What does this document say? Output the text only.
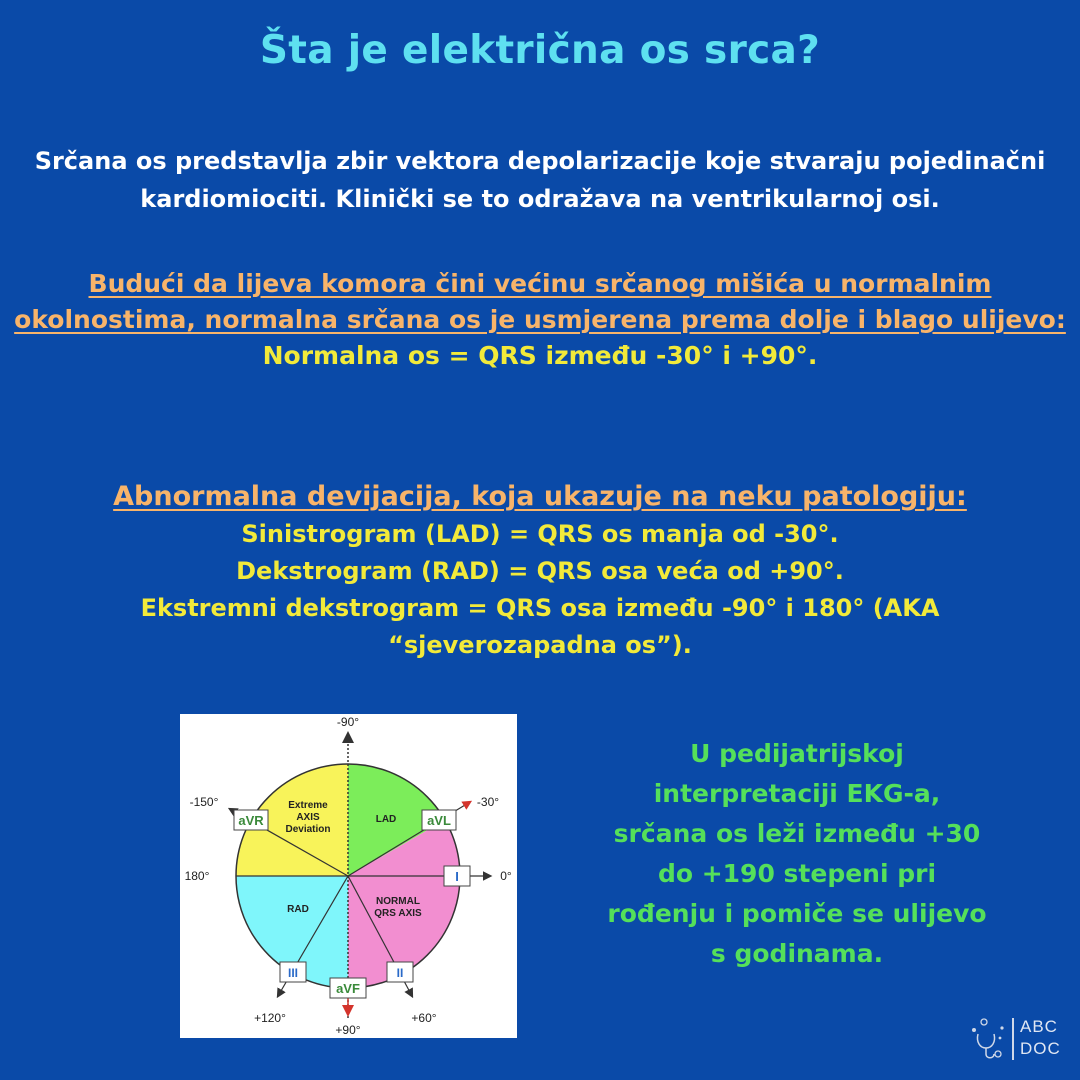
Šta je električna os srca?
Srčana os predstavlja zbir vektora depolarizacije koje stvaraju pojedinačni kardiomiociti. Klinički se to odražava na ventrikularnoj osi.
Budući da lijeva komora čini većinu srčanog mišića u normalnim okolnostima, normalna srčana os je usmjerena prema dolje i blago ulijevo:
Normalna os = QRS između -30° i +90°.
Abnormalna devijacija, koja ukazuje na neku patologiju:
Sinistrogram (LAD) = QRS os manja od -30°.
Dekstrogram (RAD) = QRS osa veća od +90°.
Ekstremni dekstrogram = QRS osa između -90° i 180° (AKA “sjeverozapadna os”).
Extreme
AXIS
Deviation
LAD
RAD
NORMAL
QRS AXIS
-90°
-30°
-150°
180°	0°
+90°
+120°	+60°
aVR	aVL
I
III	II
aVF
U pedijatrijskoj interpretaciji EKG-a, srčana os leži između +30 do +190 stepeni pri rođenju i pomiče se ulijevo s godinama.
ABC
DOC
